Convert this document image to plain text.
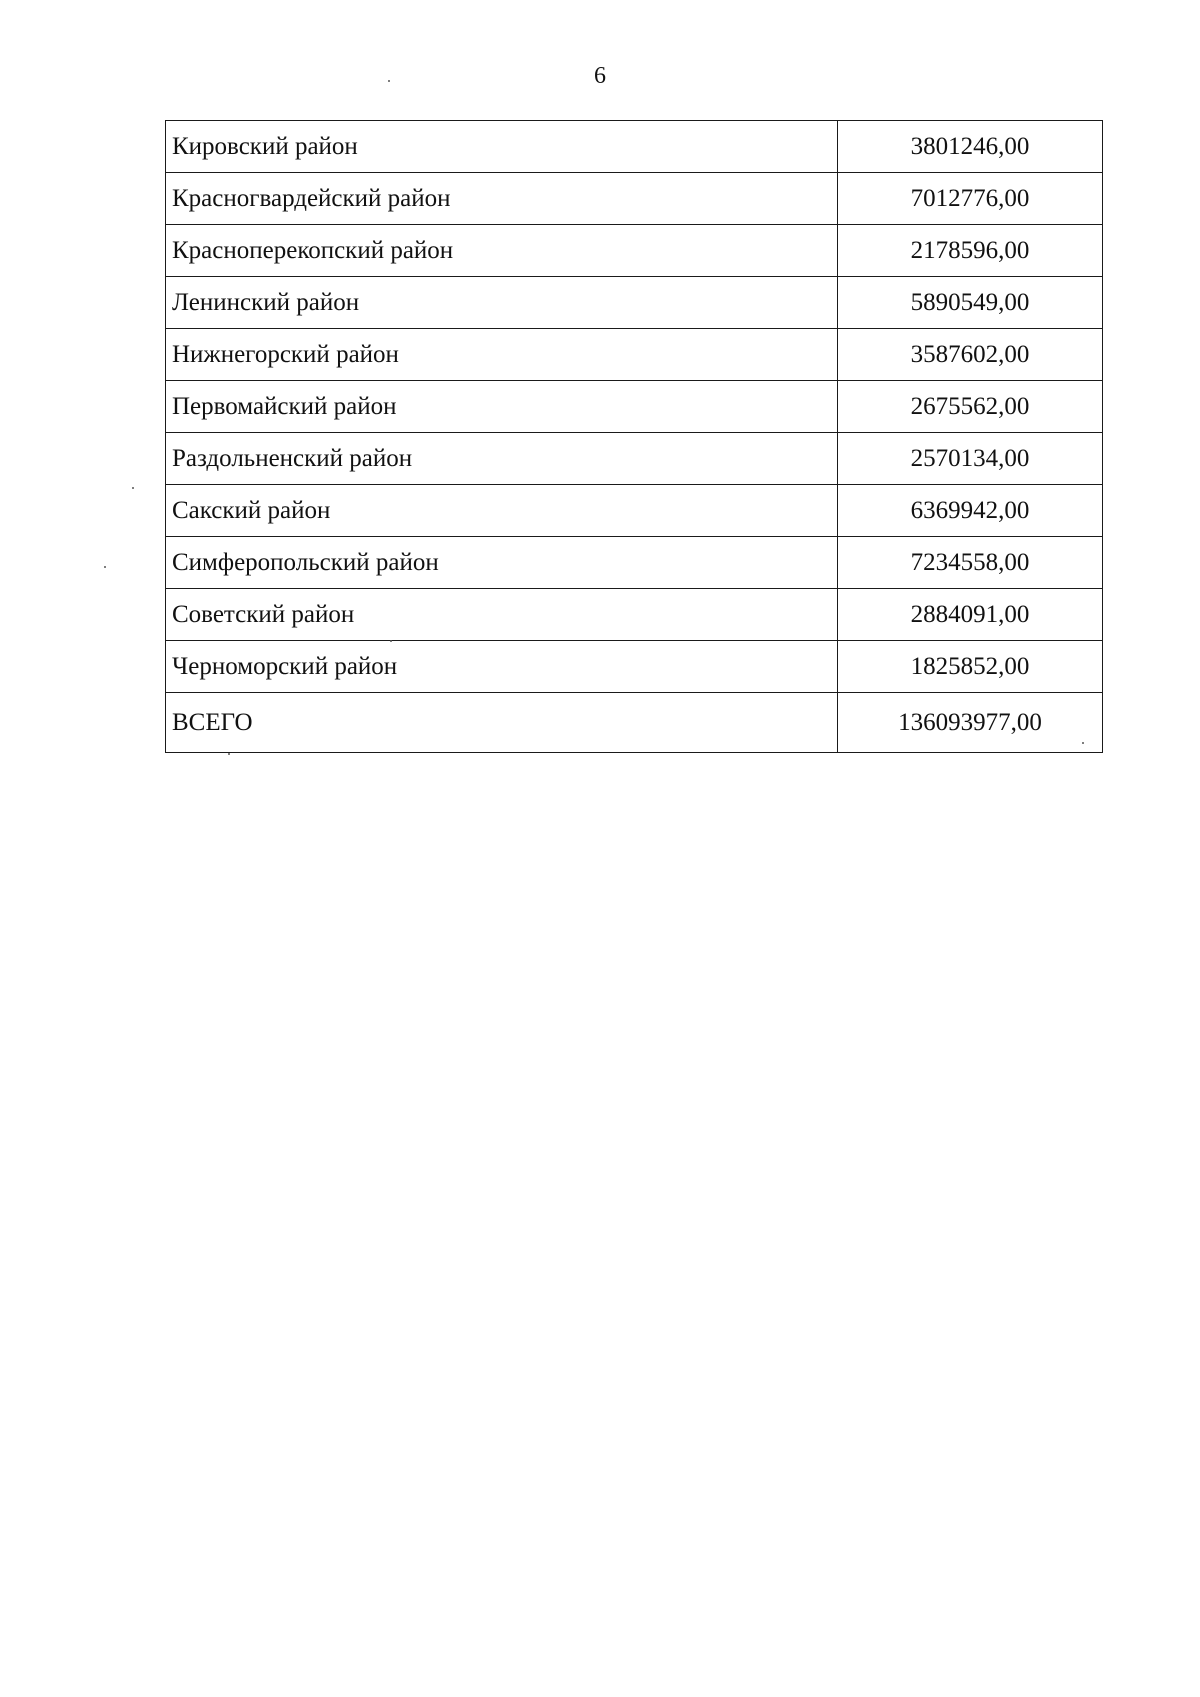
6
Кировский район	3801246,00
Красногвардейский район	7012776,00
Красноперекопский район	2178596,00
Ленинский район	5890549,00
Нижнегорский район	3587602,00
Первомайский район	2675562,00
Раздольненский район	2570134,00
Сакский район	6369942,00
Симферопольский район	7234558,00
Советский район	2884091,00
Черноморский район	1825852,00
ВСЕГО	136093977,00
